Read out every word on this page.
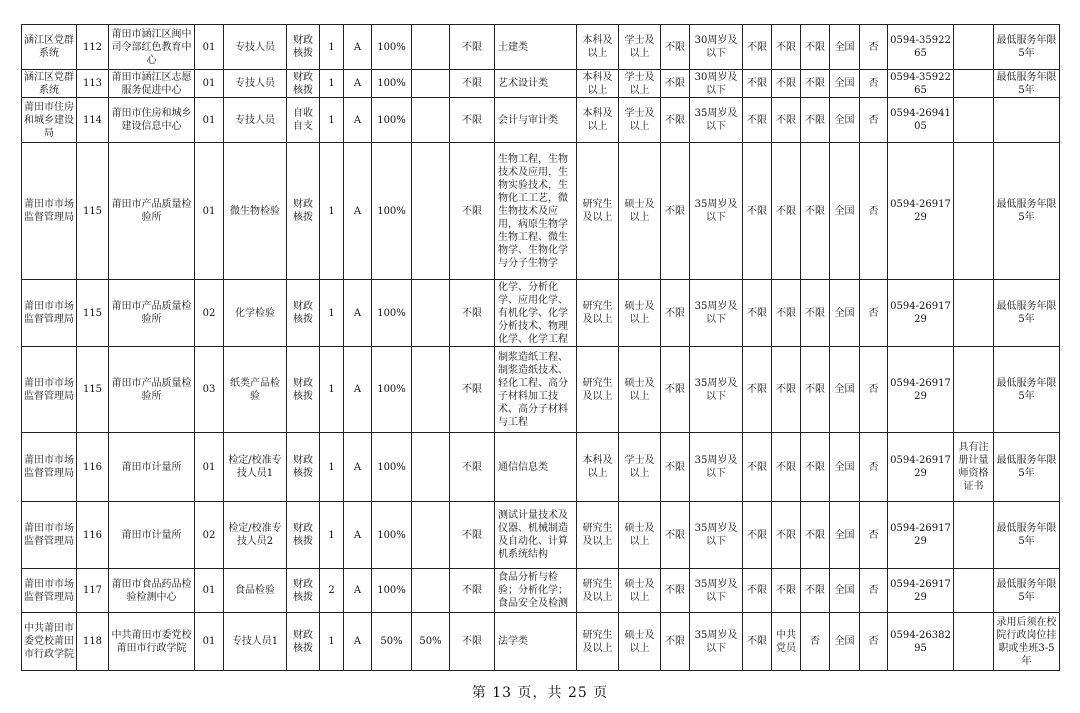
涵江区党群系统	112	莆田市涵江区闽中司令部红色教育中心	01	专技人员	财政核拨	1	A	100%		不限	土建类	本科及以上	学士及以上	不限	30周岁及以下	不限	不限	不限	全国	否	0594-3592265		最低服务年限5年
涵江区党群系统	113	莆田市涵江区志愿服务促进中心	01	专技人员	财政核拨	1	A	100%		不限	艺术设计类	本科及以上	学士及以上	不限	30周岁及以下	不限	不限	不限	全国	否	0594-3592265		最低服务年限5年
莆田市住房和城乡建设局	114	莆田市住房和城乡建设信息中心	01	专技人员	自收自支	1	A	100%		不限	会计与审计类	本科及以上	学士及以上	不限	35周岁及以下	不限	不限	不限	全国	否	0594-2694105		
莆田市市场监督管理局	115	莆田市产品质量检验所	01	微生物检验	财政核拨	1	A	100%		不限	生物工程，生物技术及应用，生物实验技术，生物化工工艺，微生物技术及应用，病原生物学生物工程、微生物学、生物化学与分子生物学	研究生及以上	硕士及以上	不限	35周岁及以下	不限	不限	不限	全国	否	0594-2691729		最低服务年限5年
莆田市市场监督管理局	115	莆田市产品质量检验所	02	化学检验	财政核拨	1	A	100%		不限	化学、分析化学、应用化学、有机化学、化学分析技术、物理化学、化学工程	研究生及以上	硕士及以上	不限	35周岁及以下	不限	不限	不限	全国	否	0594-2691729		最低服务年限5年
莆田市市场监督管理局	115	莆田市产品质量检验所	03	纸类产品检验	财政核拨	1	A	100%		不限	制浆造纸工程、制浆造纸技术、轻化工程、高分子材料加工技术、高分子材料与工程	研究生及以上	硕士及以上	不限	35周岁及以下	不限	不限	不限	全国	否	0594-2691729		最低服务年限5年
莆田市市场监督管理局	116	莆田市计量所	01	检定/校准专技人员1	财政核拨	1	A	100%		不限	通信信息类	本科及以上	学士及以上	不限	35周岁及以下	不限	不限	不限	全国	否	0594-2691729	具有注册计量师资格证书	最低服务年限5年
莆田市市场监督管理局	116	莆田市计量所	02	检定/校准专技人员2	财政核拨	1	A	100%		不限	测试计量技术及仪器、机械制造及自动化、计算机系统结构	研究生及以上	硕士及以上	不限	35周岁及以下	不限	不限	不限	全国	否	0594-2691729		最低服务年限5年
莆田市市场监督管理局	117	莆田市食品药品检验检测中心	01	食品检验	财政核拨	2	A	100%		不限	食品分析与检验；分析化学；食品安全及检测	研究生及以上	硕士及以上	不限	35周岁及以下	不限	不限	不限	全国	否	0594-2691729		最低服务年限5年
中共莆田市委党校莆田市行政学院	118	中共莆田市委党校莆田市行政学院	01	专技人员1	财政核拨	1	A	50%	50%	不限	法学类	研究生及以上	硕士及以上	不限	35周岁及以下	不限	中共党员	否	全国	否	0594-2638295		录用后须在校院行政岗位挂职或坐班3-5年
第 13 页，共 25 页
